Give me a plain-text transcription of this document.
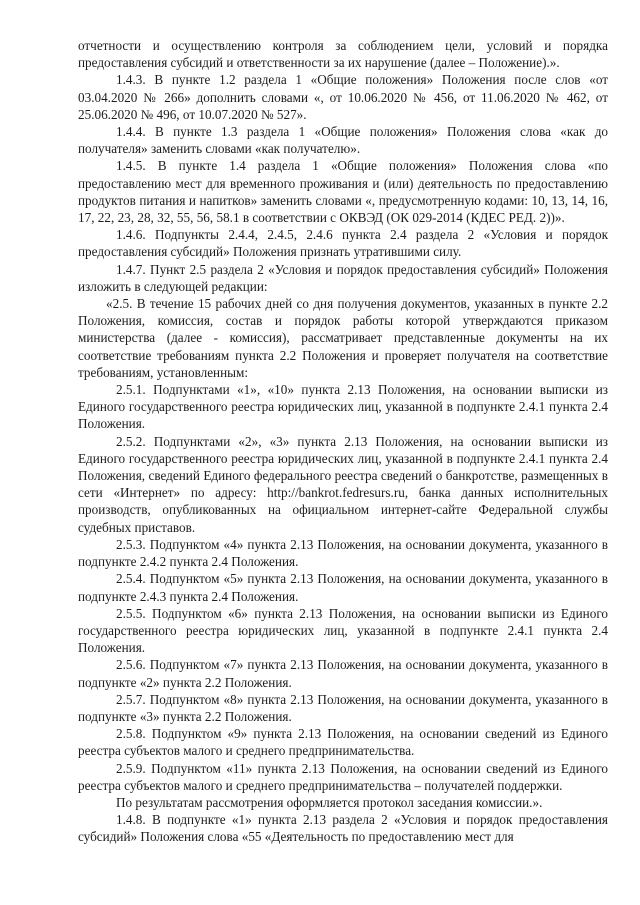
отчетности и осуществлению контроля за соблюдением цели, условий и порядка предоставления субсидий и ответственности за их нарушение (далее – Положение).».

1.4.3. В пункте 1.2 раздела 1 «Общие положения» Положения после слов «от 03.04.2020 № 266» дополнить словами «, от 10.06.2020 № 456, от 11.06.2020 № 462, от 25.06.2020 № 496, от 10.07.2020 № 527».

1.4.4. В пункте 1.3 раздела 1 «Общие положения» Положения слова «как до получателя» заменить словами «как получателю».

1.4.5. В пункте 1.4 раздела 1 «Общие положения» Положения слова «по предоставлению мест для временного проживания и (или) деятельность по предоставлению продуктов питания и напитков» заменить словами «, предусмотренную кодами: 10, 13, 14, 16, 17, 22, 23, 28, 32, 55, 56, 58.1 в соответствии с ОКВЭД (ОК 029-2014 (КДЕС РЕД. 2))».

1.4.6. Подпункты 2.4.4, 2.4.5, 2.4.6 пункта 2.4 раздела 2 «Условия и порядок предоставления субсидий» Положения признать утратившими силу.

1.4.7. Пункт 2.5 раздела 2 «Условия и порядок предоставления субсидий» Положения изложить в следующей редакции:

«2.5. В течение 15 рабочих дней со дня получения документов, указанных в пункте 2.2 Положения, комиссия, состав и порядок работы которой утверждаются приказом министерства (далее - комиссия), рассматривает представленные документы на их соответствие требованиям пункта 2.2 Положения и проверяет получателя на соответствие требованиям, установленным:

2.5.1. Подпунктами «1», «10» пункта 2.13 Положения, на основании выписки из Единого государственного реестра юридических лиц, указанной в подпункте 2.4.1 пункта 2.4 Положения.

2.5.2. Подпунктами «2», «3» пункта 2.13 Положения, на основании выписки из Единого государственного реестра юридических лиц, указанной в подпункте 2.4.1 пункта 2.4 Положения, сведений Единого федерального реестра сведений о банкротстве, размещенных в сети «Интернет» по адресу: http://bankrot.fedresurs.ru, банка данных исполнительных производств, опубликованных на официальном интернет-сайте Федеральной службы судебных приставов.

2.5.3. Подпунктом «4» пункта 2.13 Положения, на основании документа, указанного в подпункте 2.4.2 пункта 2.4 Положения.

2.5.4. Подпунктом «5» пункта 2.13 Положения, на основании документа, указанного в подпункте 2.4.3 пункта 2.4 Положения.

2.5.5. Подпунктом «6» пункта 2.13 Положения, на основании выписки из Единого государственного реестра юридических лиц, указанной в подпункте 2.4.1 пункта 2.4 Положения.

2.5.6. Подпунктом «7» пункта 2.13 Положения, на основании документа, указанного в подпункте «2» пункта 2.2 Положения.

2.5.7. Подпунктом «8» пункта 2.13 Положения, на основании документа, указанного в подпункте «3» пункта 2.2 Положения.

2.5.8. Подпунктом «9» пункта 2.13 Положения, на основании сведений из Единого реестра субъектов малого и среднего предпринимательства.

2.5.9. Подпунктом «11» пункта 2.13 Положения, на основании сведений из Единого реестра субъектов малого и среднего предпринимательства – получателей поддержки.

По результатам рассмотрения оформляется протокол заседания комиссии.».

1.4.8. В подпункте «1» пункта 2.13 раздела 2 «Условия и порядок предоставления субсидий» Положения слова «55 «Деятельность по предоставлению мест для
